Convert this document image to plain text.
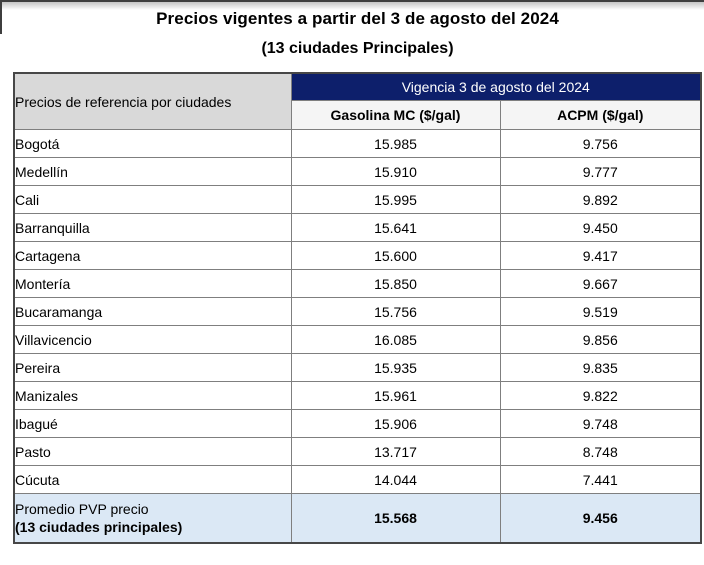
Precios vigentes a partir del 3 de agosto del 2024
(13 ciudades Principales)
Precios de referencia por ciudades	Vigencia 3 de agosto del 2024	
	Gasolina MC ($/gal)	ACPM ($/gal)
Bogotá	15.985	9.756
Medellín	15.910	9.777
Cali	15.995	9.892
Barranquilla	15.641	9.450
Cartagena	15.600	9.417
Montería	15.850	9.667
Bucaramanga	15.756	9.519
Villavicencio	16.085	9.856
Pereira	15.935	9.835
Manizales	15.961	9.822
Ibagué	15.906	9.748
Pasto	13.717	8.748
Cúcuta	14.044	7.441

Promedio PVP precio
(13 ciudades principales)	15.568	9.456
